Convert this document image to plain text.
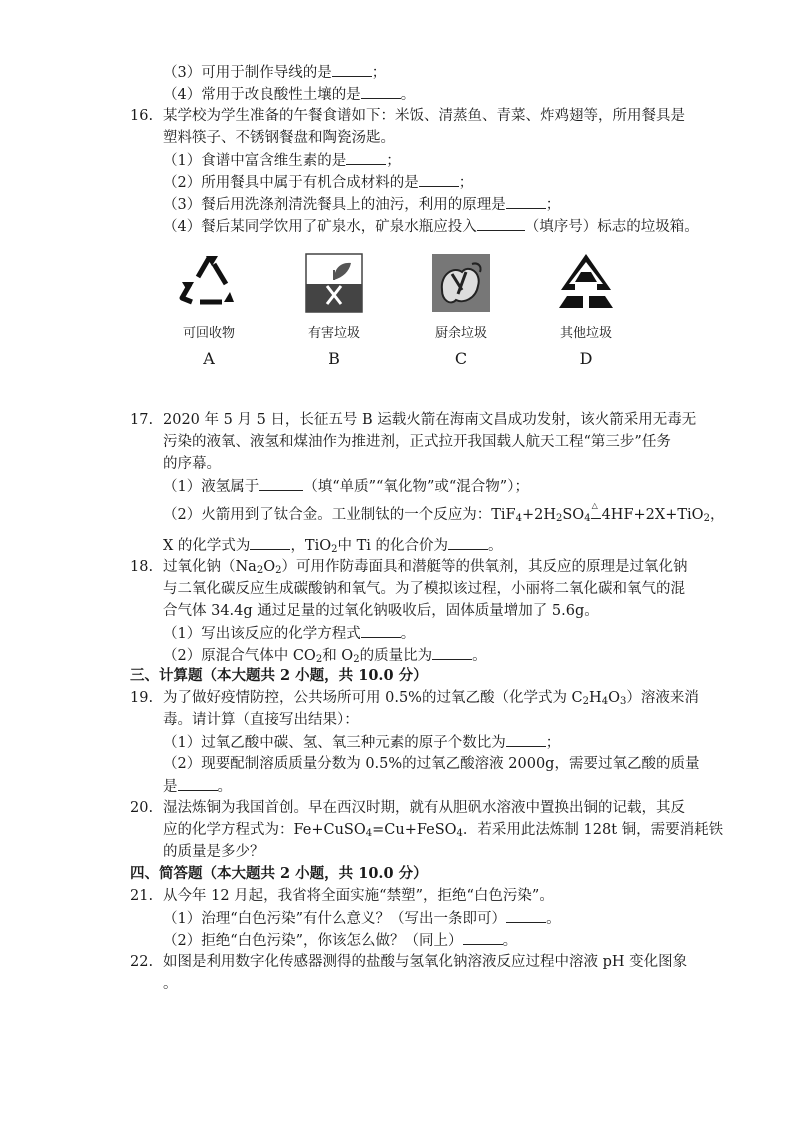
（3）可用于制作导线的是	；
（4）常用于改良酸性土壤的是	。
16. 某学校为学生准备的午餐食谱如下：米饭、清蒸鱼、青菜、炸鸡翅等，所用餐具是
塑料筷子、不锈钢餐盘和陶瓷汤匙。
（1）食谱中富含维生素的是	；
（2）所用餐具中属于有机合成材料的是	；
（3）餐后用洗涤剂清洗餐具上的油污，利用的原理是	；
（4）餐后某同学饮用了矿泉水，矿泉水瓶应投入	（填序号）标志的垃圾箱。
可回收物
A
有害垃圾
B
厨余垃圾
C
其他垃圾
D
17. 2020 年 5 月 5 日，长征五号 B 运载火箭在海南文昌成功发射，该火箭采用无毒无
污染的液氧、液氢和煤油作为推进剂，正式拉开我国载人航天工程“第三步”任务
的序幕。
（1）液氢属于	（填“单质”“氧化物”或“混合物”）；
（2）火箭用到了钛合金。工业制钛的一个反应为：$TiF_4+2H_2SO_4$
△
4HF+2X+TiO$_2$，
X 的化学式为	，TiO$_2$中 Ti 的化合价为	。
18. 过氧化钠$(Na_2O_2)$可用作防毒面具和潜艇等的供氧剂，其反应的原理是过氧化钠
与二氧化碳反应生成碳酸钠和氧气。为了模拟该过程，小丽将二氧化碳和氧气的混
合气体 34.4g 通过足量的过氧化钠吸收后，固体质量增加了 5.6g。
（1）写出该反应的化学方程式	。
（2）原混合气体中 $CO_2$和 $O_2$的质量比为	。
三、计算题（本大题共 2 小题，共 10.0 分）
19. 为了做好疫情防控，公共场所可用 0.5%的过氧乙酸（化学式为 $C_2H_4O_3$）溶液来消
毒。请计算（直接写出结果）：
（1）过氧乙酸中碳、氢、氧三种元素的原子个数比为	；
（2）现要配制溶质质量分数为 0.5%的过氧乙酸溶液 2000g，需要过氧乙酸的质量
是	。
20. 湿法炼铜为我国首创。早在西汉时期，就有从胆矾水溶液中置换出铜的记载，其反
应的化学方程式为：Fe+CuSO$_4$=Cu+FeSO$_4$．若采用此法炼制 128t 铜，需要消耗铁
的质量是多少？
四、简答题（本大题共 2 小题，共 10.0 分）
21. 从今年 12 月起，我省将全面实施“禁塑”，拒绝“白色污染”。
（1）治理“白色污染”有什么意义？（写出一条即可）	。
（2）拒绝“白色污染”，你该怎么做？（同上）	。
22. 如图是利用数字化传感器测得的盐酸与氢氧化钠溶液反应过程中溶液 pH 变化图象
。
